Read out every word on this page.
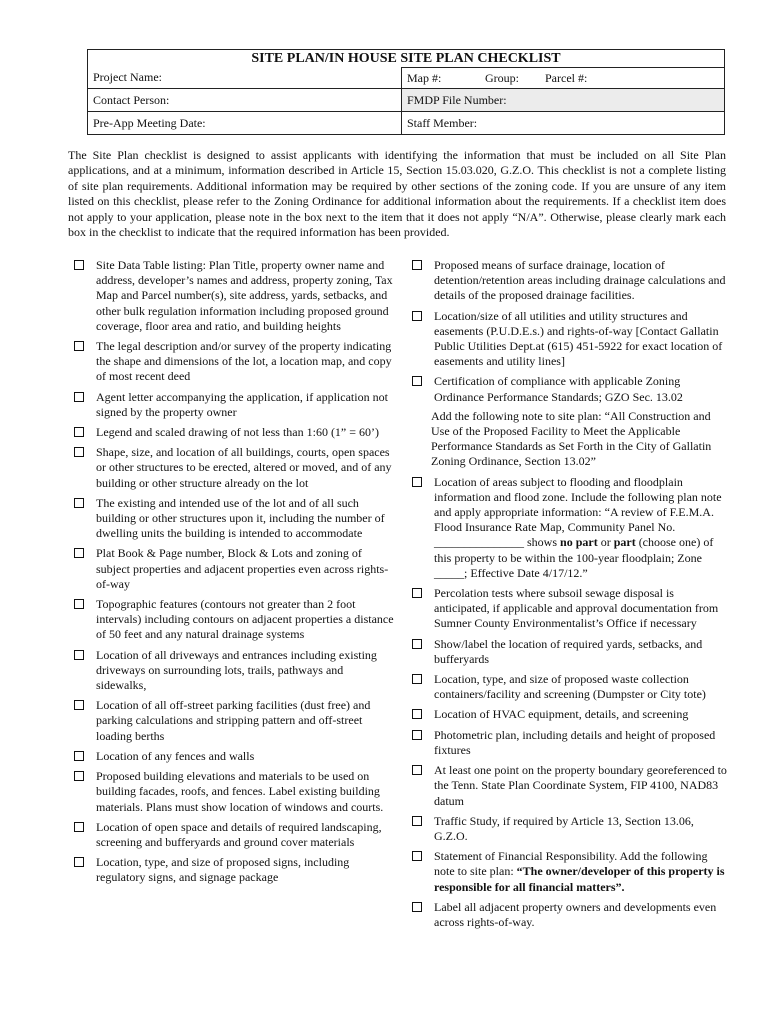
SITE PLAN/IN HOUSE SITE PLAN CHECKLIST	
Project Name:	Map #: Group: Parcel #:
Contact Person:	FMDP File Number:
Pre-App Meeting Date:	Staff Member:

The Site Plan checklist is designed to assist applicants with identifying the information that must be included on all Site Plan applications, and at a minimum, information described in Article 15, Section 15.03.020, G.Z.O. This checklist is not a complete listing of site plan requirements. Additional information may be required by other sections of the zoning code. If you are unsure of any item listed on this checklist, please refer to the Zoning Ordinance for additional information about the requirements. If a checklist item does not apply to your application, please note in the box next to the item that it does not apply “N/A”. Otherwise, please clearly mark each box in the checklist to indicate that the required information has been provided.

Site Data Table listing: Plan Title, property owner name and address, developer’s names and address, property zoning, Tax Map and Parcel number(s), site address, yards, setbacks, and other bulk regulation information including proposed ground coverage, floor area and ratio, and building heights
The legal description and/or survey of the property indicating the shape and dimensions of the lot, a location map, and copy of most recent deed
Agent letter accompanying the application, if application not signed by the property owner
Legend and scaled drawing of not less than 1:60 (1” = 60’)
Shape, size, and location of all buildings, courts, open spaces or other structures to be erected, altered or moved, and of any building or other structure already on the lot
The existing and intended use of the lot and of all such building or other structures upon it, including the number of dwelling units the building is intended to accommodate
Plat Book & Page number, Block & Lots and zoning of subject properties and adjacent properties even across rights-of-way
Topographic features (contours not greater than 2 foot intervals) including contours on adjacent properties a distance of 50 feet and any natural drainage systems
Location of all driveways and entrances including existing driveways on surrounding lots, trails, pathways and sidewalks,
Location of all off-street parking facilities (dust free) and parking calculations and stripping pattern and off-street loading berths
Location of any fences and walls
Proposed building elevations and materials to be used on building facades, roofs, and fences. Label existing building materials. Plans must show location of windows and courts.
Location of open space and details of required landscaping, screening and bufferyards and ground cover materials
Location, type, and size of proposed signs, including regulatory signs, and signage package
Proposed means of surface drainage, location of detention/retention areas including drainage calculations and details of the proposed drainage facilities.
Location/size of all utilities and utility structures and easements (P.U.D.E.s.) and rights-of-way [Contact Gallatin Public Utilities Dept.at (615) 451-5922 for exact location of easements and utility lines]
Certification of compliance with applicable Zoning Ordinance Performance Standards; GZO Sec. 13.02
Add the following note to site plan: “All Construction and Use of the Proposed Facility to Meet the Applicable Performance Standards as Set Forth in the City of Gallatin Zoning Ordinance, Section 13.02”
Location of areas subject to flooding and floodplain information and flood zone. Include the following plan note and apply appropriate information: “A review of F.E.M.A. Flood Insurance Rate Map, Community Panel No. _______________ shows no part or part (choose one) of this property to be within the 100-year floodplain; Zone _____; Effective Date 4/17/12.”
Percolation tests where subsoil sewage disposal is anticipated, if applicable and approval documentation from Sumner County Environmentalist’s Office if necessary
Show/label the location of required yards, setbacks, and bufferyards
Location, type, and size of proposed waste collection containers/facility and screening (Dumpster or City tote)
Location of HVAC equipment, details, and screening
Photometric plan, including details and height of proposed fixtures
At least one point on the property boundary georeferenced to the Tenn. State Plan Coordinate System, FIP 4100, NAD83 datum
Traffic Study, if required by Article 13, Section 13.06, G.Z.O.
Statement of Financial Responsibility. Add the following note to site plan: “The owner/developer of this property is responsible for all financial matters”.
Label all adjacent property owners and developments even across rights-of-way.
